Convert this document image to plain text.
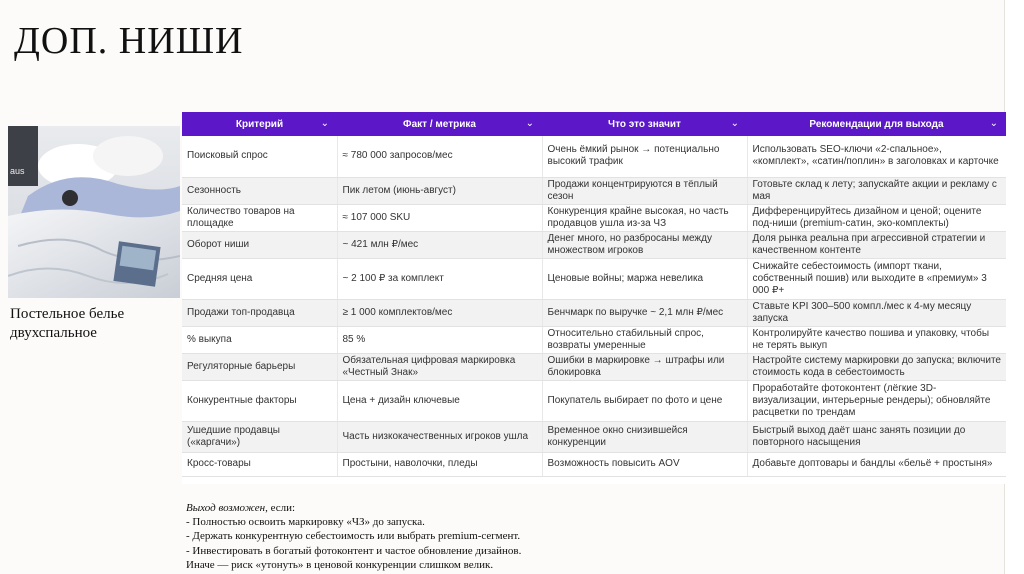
ДОП. НИШИ
aus
Постельное белье двухспальное
Критерий ⌄	Факт / метрика ⌄	Что это значит ⌄	Рекомендации для выхода ⌄

Поисковый спрос	≈ 780 000 запросов/мес	Очень ёмкий рынок → потенциально высокий трафик	Использовать SEO-ключи «2-спальное», «комплект», «сатин/поплин» в заголовках и карточке
Сезонность	Пик летом (июнь-август)	Продажи концентрируются в тёплый сезон	Готовьте склад к лету; запускайте акции и рекламу с мая
Количество товаров на площадке	≈ 107 000 SKU	Конкуренция крайне высокая, но часть продавцов ушла из-за ЧЗ	Дифференцируйтесь дизайном и ценой; оцените под-ниши (premium-сатин, эко-комплекты)
Оборот ниши	~ 421 млн ₽/мес	Денег много, но разбросаны между множеством игроков	Доля рынка реальна при агрессивной стратегии и качественном контенте
Средняя цена	~ 2 100 ₽ за комплект	Ценовые войны; маржа невелика	Снижайте себестоимость (импорт ткани, собственный пошив) или выходите в «премиум» 3 000 ₽+
Продажи топ-продавца	≥ 1 000 комплектов/мес	Бенчмарк по выручке ~ 2,1 млн ₽/мес	Ставьте KPI 300–500 компл./мес к 4-му месяцу запуска
% выкупа	85 %	Относительно стабильный спрос, возвраты умеренные	Контролируйте качество пошива и упаковку, чтобы не терять выкуп
Регуляторные барьеры	Обязательная цифровая маркировка «Честный Знак»	Ошибки в маркировке → штрафы или блокировка	Настройте систему маркировки до запуска; включите стоимость кода в себестоимость
Конкурентные факторы	Цена + дизайн ключевые	Покупатель выбирает по фото и цене	Проработайте фотоконтент (лёгкие 3D-визуализации, интерьерные рендеры); обновляйте расцветки по трендам
Ушедшие продавцы («каргачи»)	Часть низкокачественных игроков ушла	Временное окно снизившейся конкуренции	Быстрый выход даёт шанс занять позиции до повторного насыщения
Кросс-товары	Простыни, наволочки, пледы	Возможность повысить AOV	Добавьте доптовары и бандлы «бельё + простыня»
Выход возможен, если:
- Полностью освоить маркировку «ЧЗ» до запуска.
- Держать конкурентную себестоимость или выбрать premium-сегмент.
- Инвестировать в богатый фотоконтент и частое обновление дизайнов.
Иначе — риск «утонуть» в ценовой конкуренции слишком велик.
